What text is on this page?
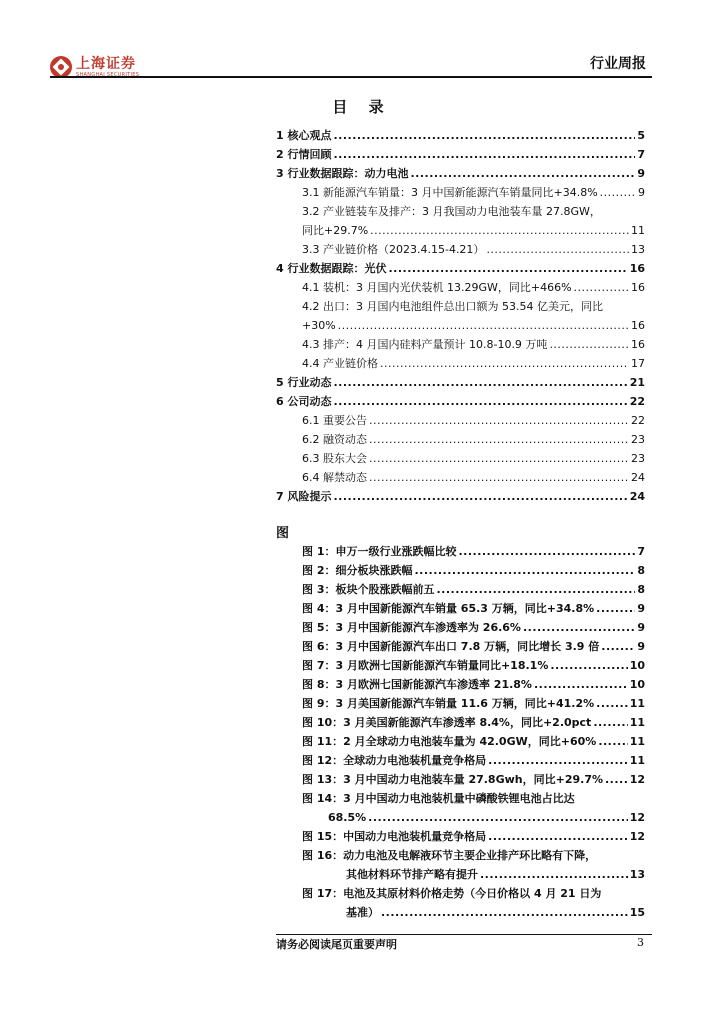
上海证券
SHANGHAI SECURITIES
行业周报
目 录
1 核心观点 .....	5
2 行情回顾 .....	7
3 行业数据跟踪：动力电池 .....	9
3.1 新能源汽车销量：3 月中国新能源汽车销量同比+34.8% .....	9
3.2 产业链装车及排产：3 月我国动力电池装车量 27.8GW，
同比+29.7% .....	11
3.3 产业链价格（2023.4.15-4.21） .....	13
4 行业数据跟踪：光伏 .....	16
4.1 装机：3 月国内光伏装机 13.29GW，同比+466% .....	16
4.2 出口：3 月国内电池组件总出口额为 53.54 亿美元，同比
+30% .....	16
4.3 排产：4 月国内硅料产量预计 10.8-10.9 万吨 .....	16
4.4 产业链价格 .....	17
5 行业动态 .....	21
6 公司动态 .....	22
6.1 重要公告 .....	22
6.2 融资动态 .....	23
6.3 股东大会 .....	23
6.4 解禁动态 .....	24
7 风险提示 .....	24
图
图 1：申万一级行业涨跌幅比较 .....	7
图 2：细分板块涨跌幅 .....	8
图 3：板块个股涨跌幅前五 .....	8
图 4：3 月中国新能源汽车销量 65.3 万辆，同比+34.8% .....	9
图 5：3 月中国新能源汽车渗透率为 26.6% .....	9
图 6：3 月中国新能源汽车出口 7.8 万辆，同比增长 3.9 倍 .....	9
图 7：3 月欧洲七国新能源汽车销量同比+18.1% .....	10
图 8：3 月欧洲七国新能源汽车渗透率 21.8% .....	10
图 9：3 月美国新能源汽车销量 11.6 万辆，同比+41.2% .....	11
图 10：3 月美国新能源汽车渗透率 8.4%，同比+2.0pct .....	11
图 11：2 月全球动力电池装车量为 42.0GW，同比+60% .....	11
图 12：全球动力电池装机量竞争格局 .....	11
图 13：3 月中国动力电池装车量 27.8Gwh，同比+29.7% ..... 12
图 14：3 月中国动力电池装机量中磷酸铁锂电池占比达
68.5% .....	12
图 15：中国动力电池装机量竞争格局 .....	12
图 16：动力电池及电解液环节主要企业排产环比略有下降，
其他材料环节排产略有提升 .....	13
图 17：电池及其原材料价格走势（今日价格以 4 月 21 日为
基准） .....	15
请务必阅读尾页重要声明	3
